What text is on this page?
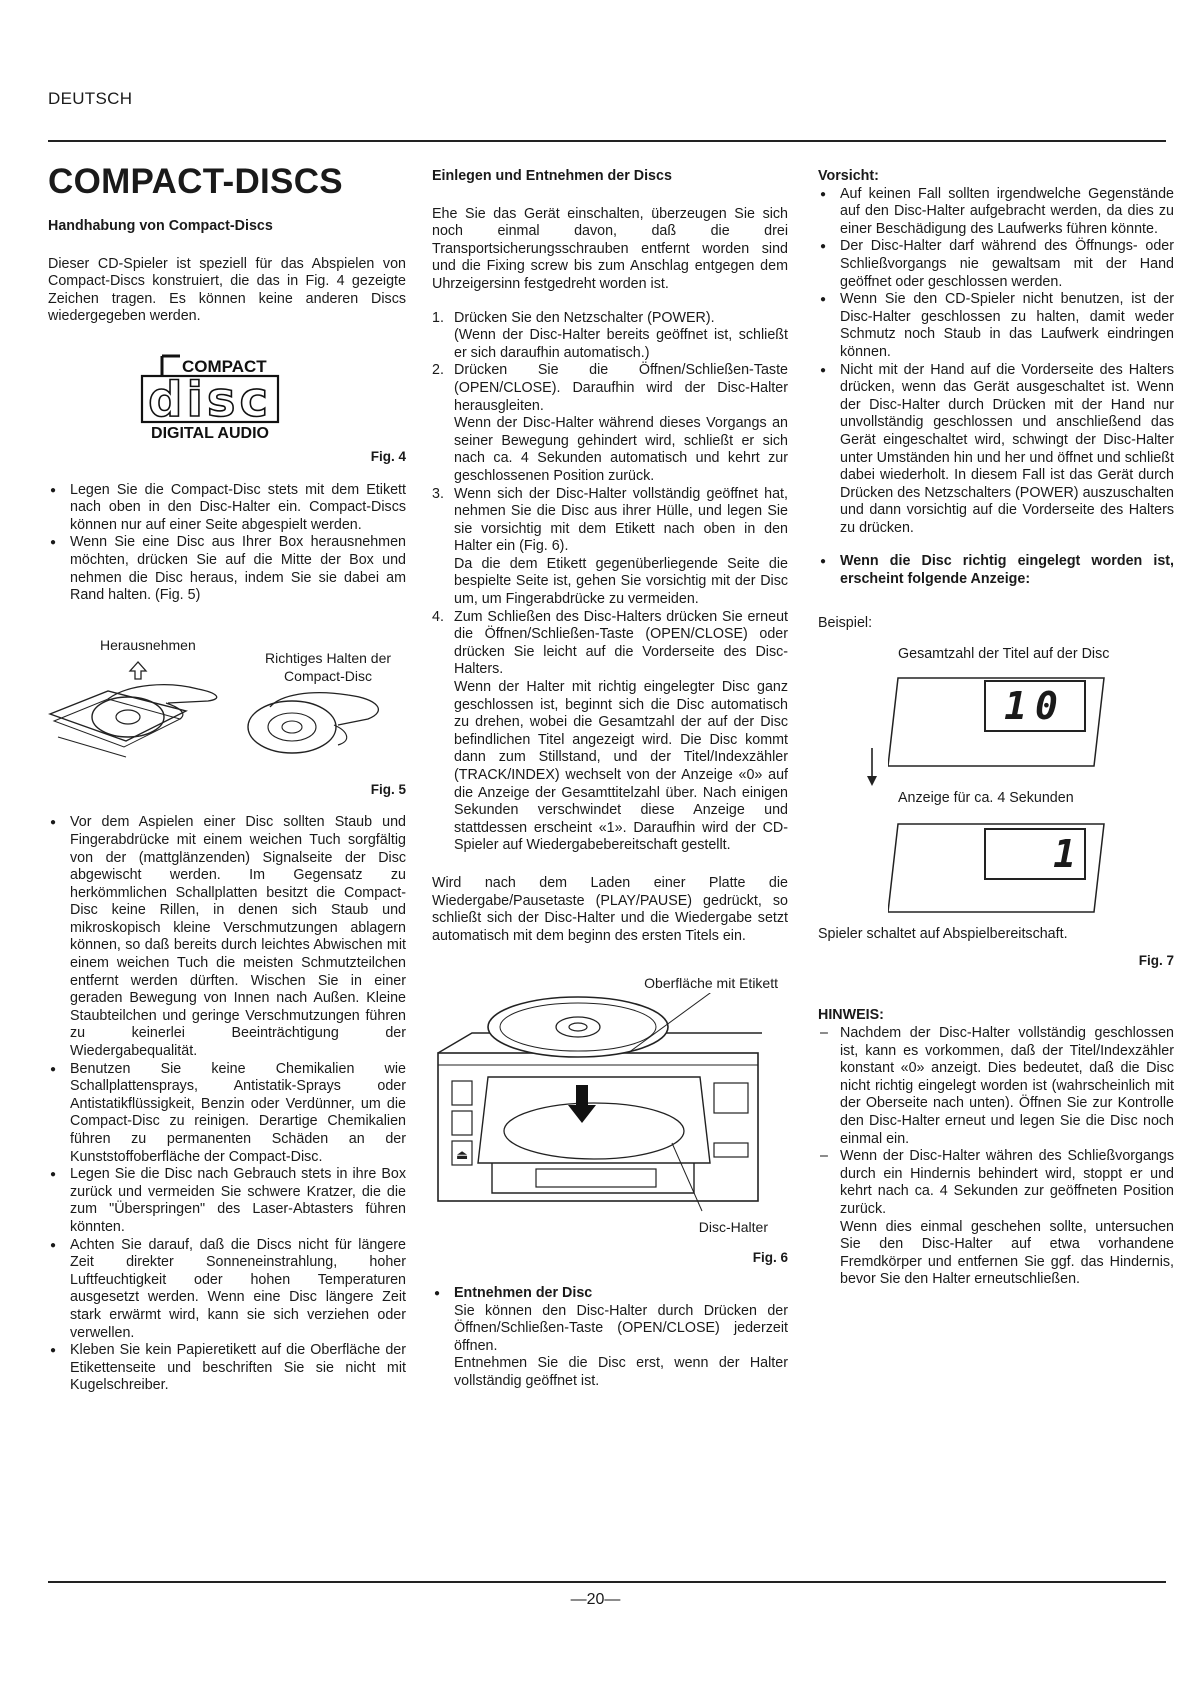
DEUTSCH
—20—
COMPACT-DISCS
Handhabung von Compact-Discs

Dieser CD-Spieler ist speziell für das Abspielen von Compact-Discs konstruiert, die das in Fig. 4 gezeigte Zeichen tragen. Es können keine anderen Discs wiedergegeben werden.

COMPACT
disc
DIGITAL AUDIO
Fig. 4
● Legen Sie die Compact-Disc stets mit dem Etikett nach oben in den Disc-Halter ein. Compact-Discs können nur auf einer Seite abgespielt werden.
● Wenn Sie eine Disc aus Ihrer Box herausnehmen möchten, drücken Sie auf die Mitte der Box und nehmen die Disc heraus, indem Sie sie dabei am Rand halten. (Fig. 5)
Herausnehmen
Richtiges Halten der Compact-Disc
Fig. 5
● Vor dem Aspielen einer Disc sollten Staub und Fingerabdrücke mit einem weichen Tuch sorgfältig von der (mattglänzenden) Signalseite der Disc abgewischt werden. Im Gegensatz zu herkömmlichen Schallplatten besitzt die Compact-Disc keine Rillen, in denen sich Staub und mikroskopisch kleine Verschmutzungen ablagern können, so daß bereits durch leichtes Abwischen mit einem weichen Tuch die meisten Schmutzteilchen entfernt werden dürften. Wischen Sie in einer geraden Bewegung von Innen nach Außen. Kleine Staubteilchen und geringe Verschmutzungen führen zu keinerlei Beeinträchtigung der Wiedergabequalität.
● Benutzen Sie keine Chemikalien wie Schallplattensprays, Antistatik-Sprays oder Antistatikflüssigkeit, Benzin oder Verdünner, um die Compact-Disc zu reinigen. Derartige Chemikalien führen zu permanenten Schäden an der Kunststoffoberfläche der Compact-Disc.
● Legen Sie die Disc nach Gebrauch stets in ihre Box zurück und vermeiden Sie schwere Kratzer, die die zum "Überspringen" des Laser-Abtasters führen könnten.
● Achten Sie darauf, daß die Discs nicht für längere Zeit direkter Sonneneinstrahlung, hoher Luftfeuchtigkeit oder hohen Temperaturen ausgesetzt werden. Wenn eine Disc längere Zeit stark erwärmt wird, kann sie sich verziehen oder verwellen.
● Kleben Sie kein Papieretikett auf die Oberfläche der Etikettenseite und beschriften Sie sie nicht mit Kugelschreiber.
Einlegen und Entnehmen der Discs

Ehe Sie das Gerät einschalten, überzeugen Sie sich noch einmal davon, daß die drei Transportsicherungsschrauben entfernt worden sind und die Fixing screw bis zum Anschlag entgegen dem Uhrzeigersinn festgedreht worden ist.

1. Drücken Sie den Netzschalter (POWER).
(Wenn der Disc-Halter bereits geöffnet ist, schließt er sich daraufhin automatisch.)
2. Drücken Sie die Öffnen/Schließen-Taste (OPEN/CLOSE). Daraufhin wird der Disc-Halter herausgleiten.
Wenn der Disc-Halter während dieses Vorgangs an seiner Bewegung gehindert wird, schließt er sich nach ca. 4 Sekunden automatisch und kehrt zur geschlossenen Position zurück.
3. Wenn sich der Disc-Halter vollständig geöffnet hat, nehmen Sie die Disc aus ihrer Hülle, und legen Sie sie vorsichtig mit dem Etikett nach oben in den Halter ein (Fig. 6).
Da die dem Etikett gegenüberliegende Seite die bespielte Seite ist, gehen Sie vorsichtig mit der Disc um, um Fingerabdrücke zu vermeiden.
4. Zum Schließen des Disc-Halters drücken Sie erneut die Öffnen/Schließen-Taste (OPEN/CLOSE) oder drücken Sie leicht auf die Vorderseite des Disc-Halters.
Wenn der Halter mit richtig eingelegter Disc ganz geschlossen ist, beginnt sich die Disc automatisch zu drehen, wobei die Gesamtzahl der auf der Disc befindlichen Titel angezeigt wird. Die Disc kommt dann zum Stillstand, und der Titel/Indexzähler (TRACK/INDEX) wechselt von der Anzeige «0» auf die Anzeige der Gesamttitelzahl über. Nach einigen Sekunden verschwindet diese Anzeige und stattdessen erscheint «1». Daraufhin wird der CD-Spieler auf Wiedergabebereitschaft gestellt.

Wird nach dem Laden einer Platte die Wiedergabe/Pausetaste (PLAY/PAUSE) gedrückt, so schließt sich der Disc-Halter und die Wiedergabe setzt automatisch mit dem beginn des ersten Titels ein.

Oberfläche mit Etikett
Disc-Halter
⏏
Fig. 6
● Entnehmen der Disc
Sie können den Disc-Halter durch Drücken der Öffnen/Schließen-Taste (OPEN/CLOSE) jederzeit öffnen.
Entnehmen Sie die Disc erst, wenn der Halter vollständig geöffnet ist.
Vorsicht:
● Auf keinen Fall sollten irgendwelche Gegenstände auf den Disc-Halter aufgebracht werden, da dies zu einer Beschädigung des Laufwerks führen könnte.
● Der Disc-Halter darf während des Öffnungs- oder Schließvorgangs nie gewaltsam mit der Hand geöffnet oder geschlossen werden.
● Wenn Sie den CD-Spieler nicht benutzen, ist der Disc-Halter geschlossen zu halten, damit weder Schmutz noch Staub in das Laufwerk eindringen können.
● Nicht mit der Hand auf die Vorderseite des Halters drücken, wenn das Gerät ausgeschaltet ist. Wenn der Disc-Halter durch Drücken mit der Hand nur unvollständig geschlossen und anschließend das Gerät eingeschaltet wird, schwingt der Disc-Halter unter Umständen hin und her und öffnet und schließt dabei wiederholt. In diesem Fall ist das Gerät durch Drücken des Netzschalters (POWER) auszuschalten und dann vorsichtig auf die Vorderseite des Halters zu drücken.
● Wenn die Disc richtig eingelegt worden ist, erscheint folgende Anzeige:
Beispiel:
Gesamtzahl der Titel auf der Disc
10
Anzeige für ca. 4 Sekunden
1
Spieler schaltet auf Abspielbereitschaft.
Fig. 7
HINWEIS:
– Nachdem der Disc-Halter vollständig geschlossen ist, kann es vorkommen, daß der Titel/Indexzähler konstant «0» anzeigt. Dies bedeutet, daß die Disc nicht richtig eingelegt worden ist (wahrscheinlich mit der Oberseite nach unten). Öffnen Sie zur Kontrolle den Disc-Halter erneut und legen Sie die Disc noch einmal ein.
– Wenn der Disc-Halter währen des Schließvorgangs durch ein Hindernis behindert wird, stoppt er und kehrt nach ca. 4 Sekunden zur geöffneten Position zurück.
Wenn dies einmal geschehen sollte, untersuchen Sie den Disc-Halter auf etwa vorhandene Fremdkörper und entfernen Sie ggf. das Hindernis, bevor Sie den Halter erneutschließen.
